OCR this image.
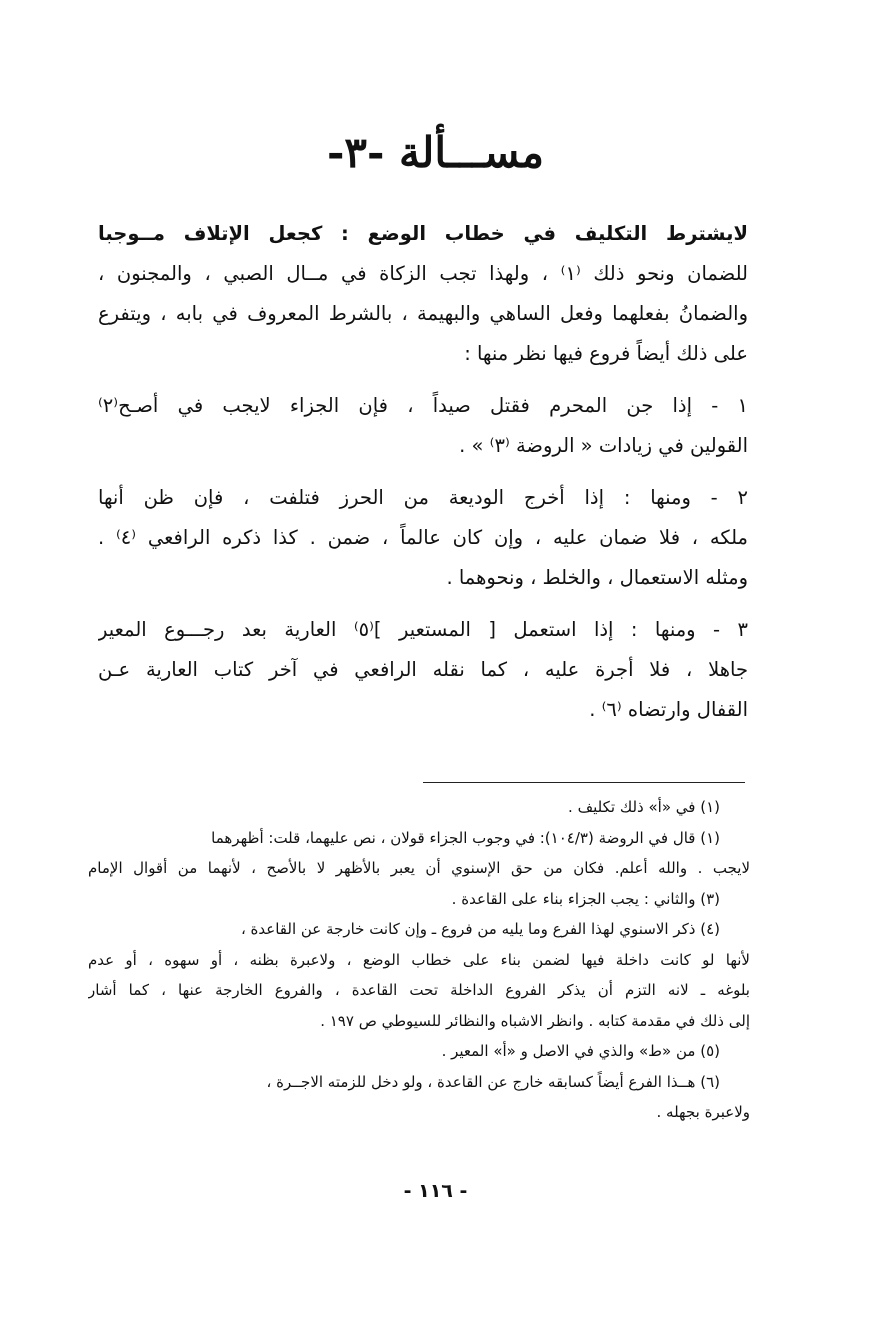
مســـألة -٣-
لايشترط التكليف في خطاب الوضع : كجعل الإتلاف مــوجبا
للضمان ونحو ذلك ⁽١⁾ ، ولهذا تجب الزكاة في مــال الصبي ، والمجنون ،
والضمانُ بفعلهما وفعل الساهي والبهيمة ، بالشرط المعروف في بابه ، ويتفرع
على ذلك أيضاً فروع فيها نظر منها :
١ - إذا جن المحرم فقتل صيداً ، فإن الجزاء لايجب في أصـح⁽٢⁾
القولين في زيادات « الروضة ⁽٣⁾ » .
٢ - ومنها : إذا أخرج الوديعة من الحرز فتلفت ، فإن ظن أنها
ملكه ، فلا ضمان عليه ، وإن كان عالماً ، ضمن . كذا ذكره الرافعي ⁽٤⁾ .
ومثله الاستعمال ، والخلط ، ونحوهما .
٣ - ومنها : إذا استعمل [ المستعير ]⁽٥⁾ العارية بعد رجـــوع المعير
جاهلا ، فلا أجرة عليه ، كما نقله الرافعي في آخر كتاب العارية عـن
القفال وارتضاه ⁽٦⁾ .
(١) في «أ» ذلك تكليف .
(١) قال في الروضة (١٠٤/٣): في وجوب الجزاء قولان ، نص عليهما، قلت: أظهرهما
لايجب . والله أعلم. فكان من حق الإسنوي أن يعبر بالأظهر لا بالأصح ، لأنهما من أقوال الإمام
(٣) والثاني : يجب الجزاء بناء على القاعدة .
(٤) ذكر الاسنوي لهذا الفرع وما يليه من فروع ـ وإن كانت خارجة عن القاعدة ،
لأنها لو كانت داخلة فيها لضمن بناء على خطاب الوضع ، ولاعبرة بظنه ، أو سهوه ، أو عدم
بلوغه ـ لانه التزم أن يذكر الفروع الداخلة تحت القاعدة ، والفروع الخارجة عنها ، كما أشار
إلى ذلك في مقدمة كتابه . وانظر الاشباه والنظائر للسيوطي ص ١٩٧ .
(٥) من «ط» والذي في الاصل و «أ» المعير .
(٦) هــذا الفرع أيضاً كسابقه خارج عن القاعدة ، ولو دخل للزمته الاجــرة ،
ولاعبرة بجهله .
- ١١٦ -
